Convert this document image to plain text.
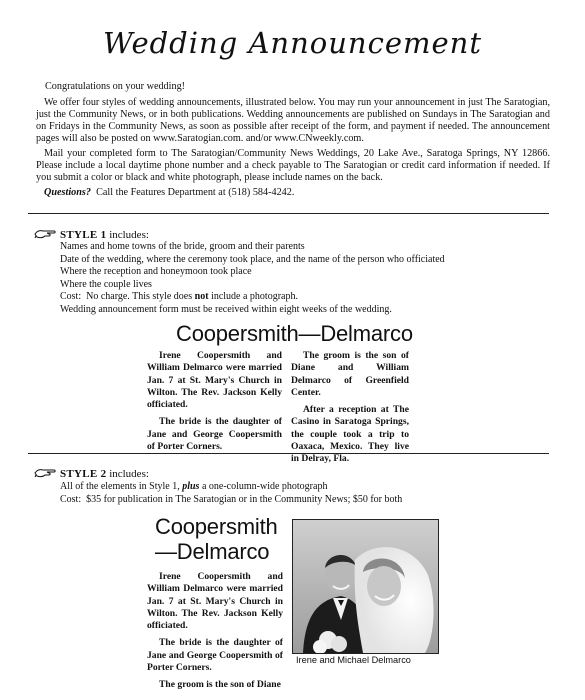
Wedding Announcement

Congratulations on your wedding!

We offer four styles of wedding announcements, illustrated below. You may run your announcement in just The Saratogian, just the Community News, or in both publications. Wedding announcements are published on Sundays in The Saratogian and on Fridays in the Community News, as soon as possible after receipt of the form, and payment if needed. The announcement pages will also be posted on www.Saratogian.com. and/or www.CNweekly.com.

Mail your completed form to The Saratogian/Community News Weddings, 20 Lake Ave., Saratoga Springs, NY 12866. Please include a local daytime phone number and a check payable to The Saratogian or credit card information if needed. If you submit a color or black and white photograph, please include names on the back.

Questions? Call the Features Department at (518) 584-4242.

STYLE 1 includes:
Names and home towns of the bride, groom and their parents
Date of the wedding, where the ceremony took place, and the name of the person who officiated
Where the reception and honeymoon took place
Where the couple lives
Cost: No charge. This style does not include a photograph.
Wedding announcement form must be received within eight weeks of the wedding.
Coopersmith—Delmarco

Irene Coopersmith and William Delmarco were married Jan. 7 at St. Mary's Church in Wilton. The Rev. Jackson Kelly officiated.

The bride is the daughter of Jane and George Coopersmith of Porter Corners.

The groom is the son of Diane and William Delmarco of Greenfield Center.

After a reception at The Casino in Saratoga Springs, the couple took a trip to Oaxaca, Mexico. They live in Delray, Fla.

STYLE 2 includes:
All of the elements in Style 1, plus a one-column-wide photograph
Cost: $35 for publication in The Saratogian or in the Community News; $50 for both
Coopersmith
—Delmarco

Irene Coopersmith and William Delmarco were married Jan. 7 at St. Mary's Church in Wilton. The Rev. Jackson Kelly officiated.

The bride is the daughter of Jane and George Coopersmith of Porter Corners.

The groom is the son of Diane

Irene and Michael Delmarco
